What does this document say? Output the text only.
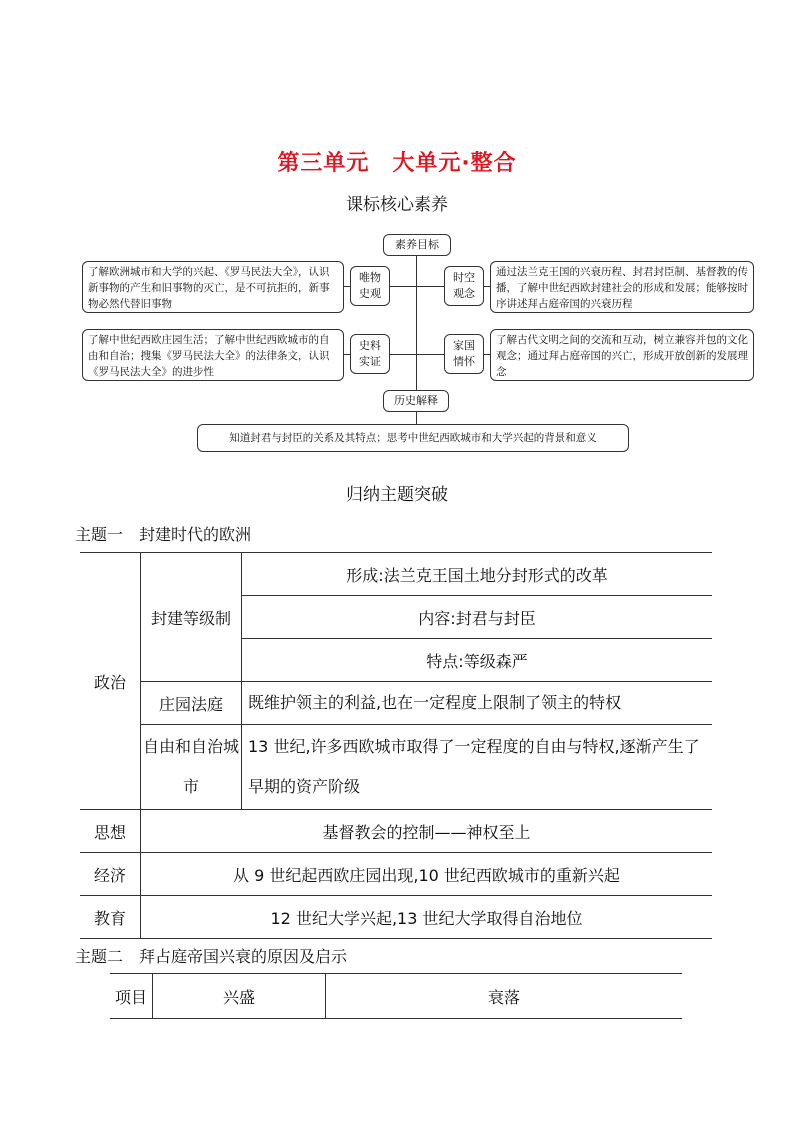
第三单元　大单元·整合
课标核心素养
素养目标
唯物
史观
时空
观念
史料
实证
家国
情怀
了解欧洲城市和大学的兴起、《罗马民法大全》，认识新事物的产生和旧事物的灭亡，是不可抗拒的，新事物必然代替旧事物
通过法兰克王国的兴衰历程、封君封臣制、基督教的传播，了解中世纪西欧封建社会的形成和发展；能够按时序讲述拜占庭帝国的兴衰历程
了解中世纪西欧庄园生活；了解中世纪西欧城市的自由和自治；搜集《罗马民法大全》的法律条文，认识《罗马民法大全》的进步性
了解古代文明之间的交流和互动，树立兼容并包的文化观念；通过拜占庭帝国的兴亡，形成开放创新的发展理念
历史解释
知道封君与封臣的关系及其特点；思考中世纪西欧城市和大学兴起的背景和意义
归纳主题突破
主题一　封建时代的欧洲
政治	封建等级制	形成:法兰克王国土地分封形式的改革
		内容:封君与封臣
		特点:等级森严
	庄园法庭	既维护领主的利益,也在一定程度上限制了领主的特权
	自由和自治城市	13 世纪,许多西欧城市取得了一定程度的自由与特权,逐渐产生了早期的资产阶级
思想	基督教会的控制——神权至上	
经济	从 9 世纪起西欧庄园出现,10 世纪西欧城市的重新兴起	
教育	12 世纪大学兴起,13 世纪大学取得自治地位	
主题二　拜占庭帝国兴衰的原因及启示
项目	兴盛	衰落
